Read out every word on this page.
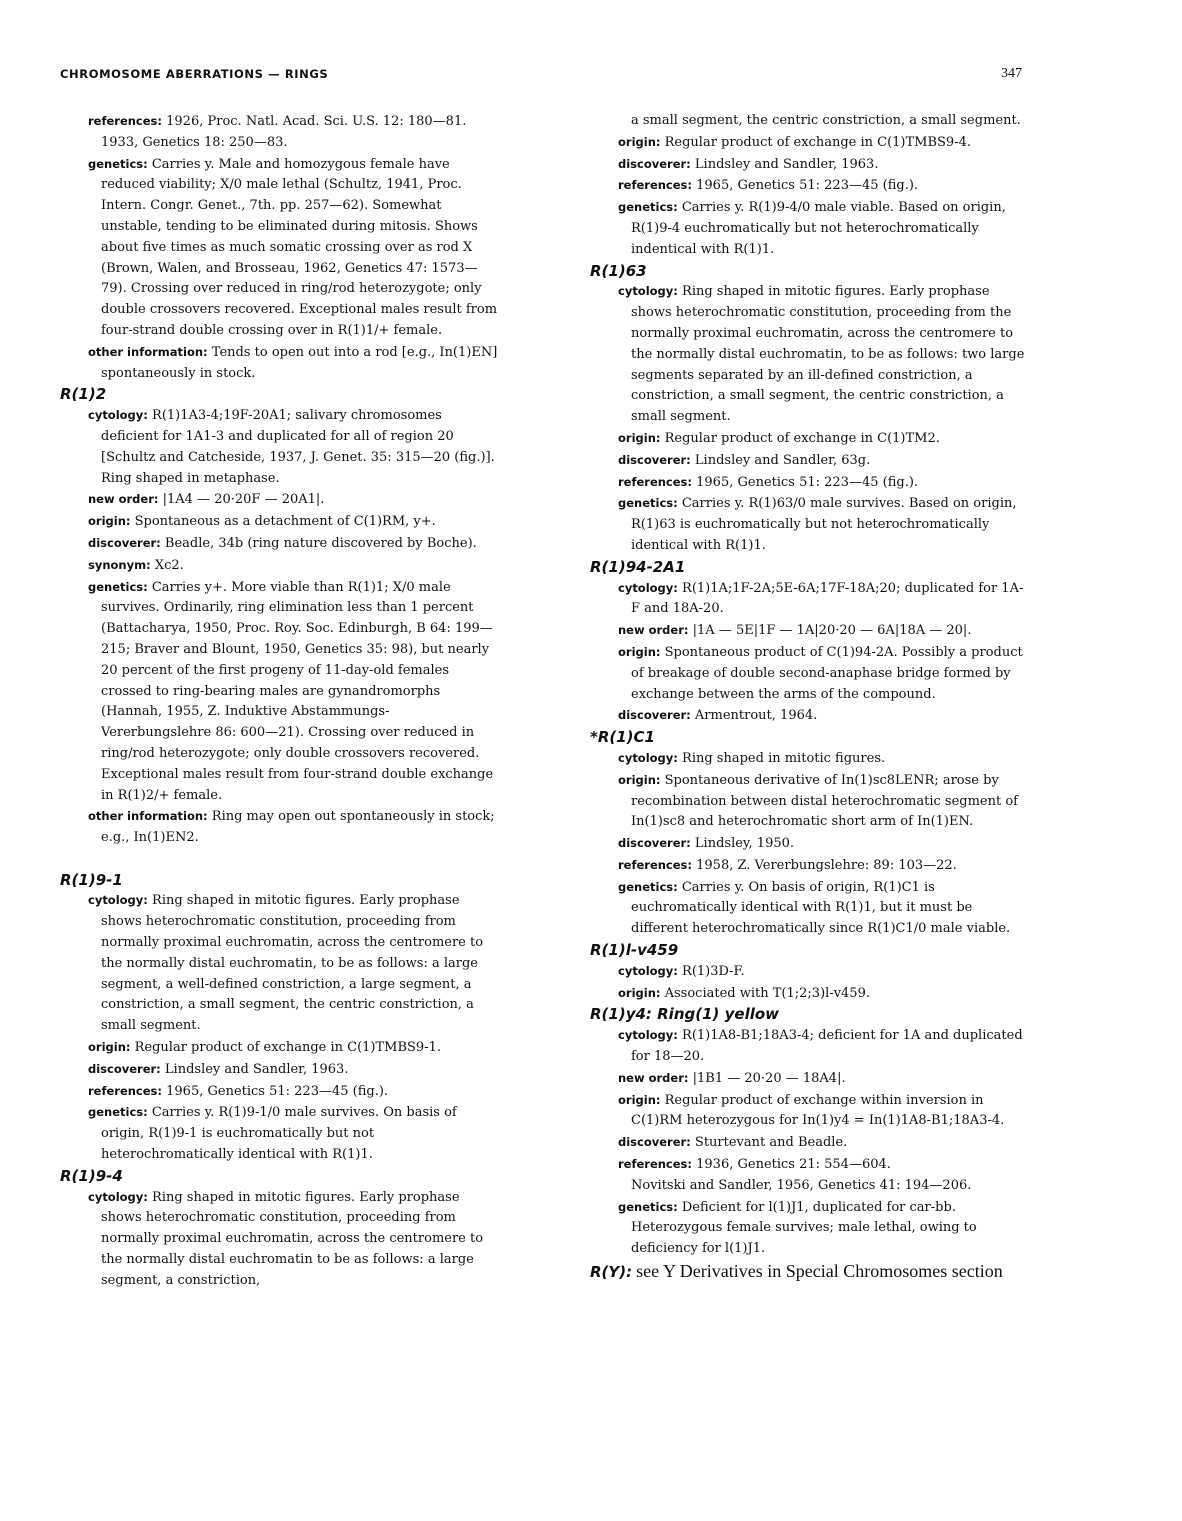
CHROMOSOME ABERRATIONS — RINGS	347
references: 1926, Proc. Natl. Acad. Sci. U.S. 12: 180—81.
1933, Genetics 18: 250—83.
genetics: Carries y. Male and homozygous female have reduced viability; X/0 male lethal (Schultz, 1941, Proc. Intern. Congr. Genet., 7th. pp. 257—62). Somewhat unstable, tending to be eliminated during mitosis. Shows about five times as much somatic crossing over as rod X (Brown, Walen, and Brosseau, 1962, Genetics 47: 1573—79). Crossing over reduced in ring/rod heterozygote; only double crossovers recovered. Exceptional males result from four-strand double crossing over in R(1)1/+ female.
other information: Tends to open out into a rod [e.g., In(1)EN] spontaneously in stock.
R(1)2
cytology: R(1)1A3-4;19F-20A1; salivary chromosomes deficient for 1A1-3 and duplicated for all of region 20 [Schultz and Catcheside, 1937, J. Genet. 35: 315—20 (fig.)]. Ring shaped in metaphase.
new order: |1A4 — 20·20F — 20A1|.
origin: Spontaneous as a detachment of C(1)RM, y+.
discoverer: Beadle, 34b (ring nature discovered by Boche).
synonym: Xc2.
genetics: Carries y+. More viable than R(1)1; X/0 male survives. Ordinarily, ring elimination less than 1 percent (Battacharya, 1950, Proc. Roy. Soc. Edinburgh, B 64: 199—215; Braver and Blount, 1950, Genetics 35: 98), but nearly 20 percent of the first progeny of 11-day-old females crossed to ring-bearing males are gynandromorphs (Hannah, 1955, Z. Induktive Abstammungs- Vererbungslehre 86: 600—21). Crossing over reduced in ring/rod heterozygote; only double crossovers recovered. Exceptional males result from four-strand double exchange in R(1)2/+ female.
other information: Ring may open out spontaneously in stock; e.g., In(1)EN2.
R(1)9-1
cytology: Ring shaped in mitotic figures. Early prophase shows heterochromatic constitution, proceeding from normally proximal euchromatin, across the centromere to the normally distal euchromatin, to be as follows: a large segment, a well-defined constriction, a large segment, a constriction, a small segment, the centric constriction, a small segment.
origin: Regular product of exchange in C(1)TMBS9-1.
discoverer: Lindsley and Sandler, 1963.
references: 1965, Genetics 51: 223—45 (fig.).
genetics: Carries y. R(1)9-1/0 male survives. On basis of origin, R(1)9-1 is euchromatically but not heterochromatically identical with R(1)1.
R(1)9-4
cytology: Ring shaped in mitotic figures. Early prophase shows heterochromatic constitution, proceeding from normally proximal euchromatin, across the centromere to the normally distal euchromatin to be as follows: a large segment, a constriction,
a small segment, the centric constriction, a small segment.
origin: Regular product of exchange in C(1)TMBS9-4.
discoverer: Lindsley and Sandler, 1963.
references: 1965, Genetics 51: 223—45 (fig.).
genetics: Carries y. R(1)9-4/0 male viable. Based on origin, R(1)9-4 euchromatically but not heterochromatically indentical with R(1)1.
R(1)63
cytology: Ring shaped in mitotic figures. Early prophase shows heterochromatic constitution, proceeding from the normally proximal euchromatin, across the centromere to the normally distal euchromatin, to be as follows: two large segments separated by an ill-defined constriction, a constriction, a small segment, the centric constriction, a small segment.
origin: Regular product of exchange in C(1)TM2.
discoverer: Lindsley and Sandler, 63g.
references: 1965, Genetics 51: 223—45 (fig.).
genetics: Carries y. R(1)63/0 male survives. Based on origin, R(1)63 is euchromatically but not heterochromatically identical with R(1)1.
R(1)94-2A1
cytology: R(1)1A;1F-2A;5E-6A;17F-18A;20; duplicated for 1A-F and 18A-20.
new order: |1A — 5E|1F — 1A|20·20 — 6A|18A — 20|.
origin: Spontaneous product of C(1)94-2A. Possibly a product of breakage of double second-anaphase bridge formed by exchange between the arms of the compound.
discoverer: Armentrout, 1964.
*R(1)C1
cytology: Ring shaped in mitotic figures.
origin: Spontaneous derivative of In(1)sc8LENR; arose by recombination between distal heterochromatic segment of In(1)sc8 and heterochromatic short arm of In(1)EN.
discoverer: Lindsley, 1950.
references: 1958, Z. Vererbungslehre: 89: 103—22.
genetics: Carries y. On basis of origin, R(1)C1 is euchromatically identical with R(1)1, but it must be different heterochromatically since R(1)C1/0 male viable.
R(1)l-v459
cytology: R(1)3D-F.
origin: Associated with T(1;2;3)l-v459.
R(1)y4: Ring(1) yellow
cytology: R(1)1A8-B1;18A3-4; deficient for 1A and duplicated for 18—20.
new order: |1B1 — 20·20 — 18A4|.
origin: Regular product of exchange within inversion in C(1)RM heterozygous for In(1)y4 = In(1)1A8-B1;18A3-4.
discoverer: Sturtevant and Beadle.
references: 1936, Genetics 21: 554—604.
Novitski and Sandler, 1956, Genetics 41: 194—206.
genetics: Deficient for l(1)J1, duplicated for car-bb. Heterozygous female survives; male lethal, owing to deficiency for l(1)J1.
R(Y): see Y Derivatives in Special Chromosomes section
